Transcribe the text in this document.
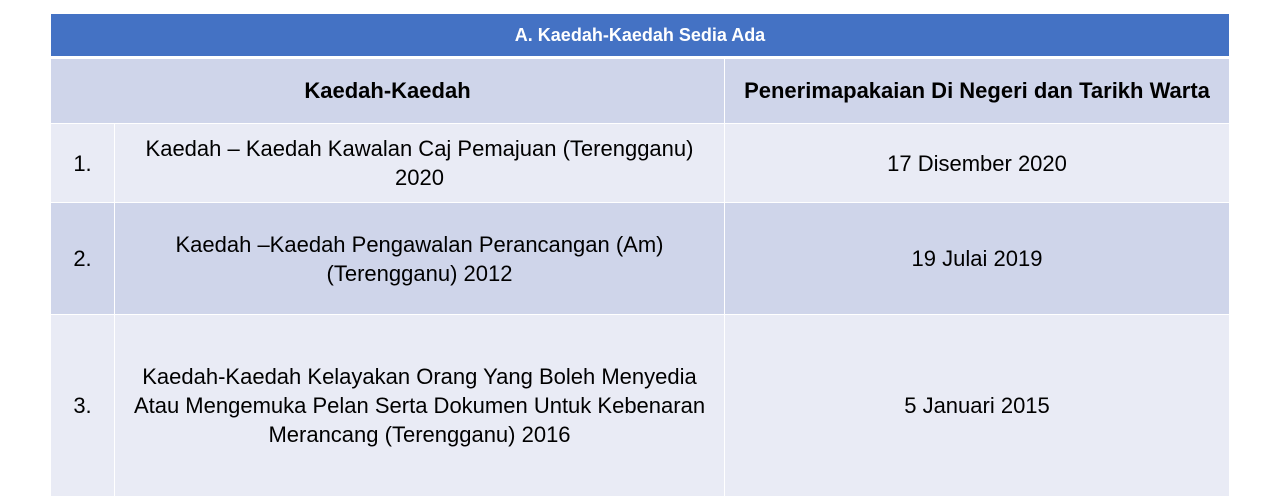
A. Kaedah-Kaedah Sedia Ada
Kaedah-Kaedah	Penerimapakaian Di Negeri dan Tarikh Warta
1.
Kaedah – Kaedah Kawalan Caj Pemajuan (Terengganu) 2020
17 Disember 2020
2.
Kaedah –Kaedah Pengawalan Perancangan (Am) (Terengganu) 2012
19 Julai 2019
3.
Kaedah-Kaedah Kelayakan Orang Yang Boleh Menyedia Atau Mengemuka Pelan Serta Dokumen Untuk Kebenaran Merancang (Terengganu) 2016
5 Januari 2015
